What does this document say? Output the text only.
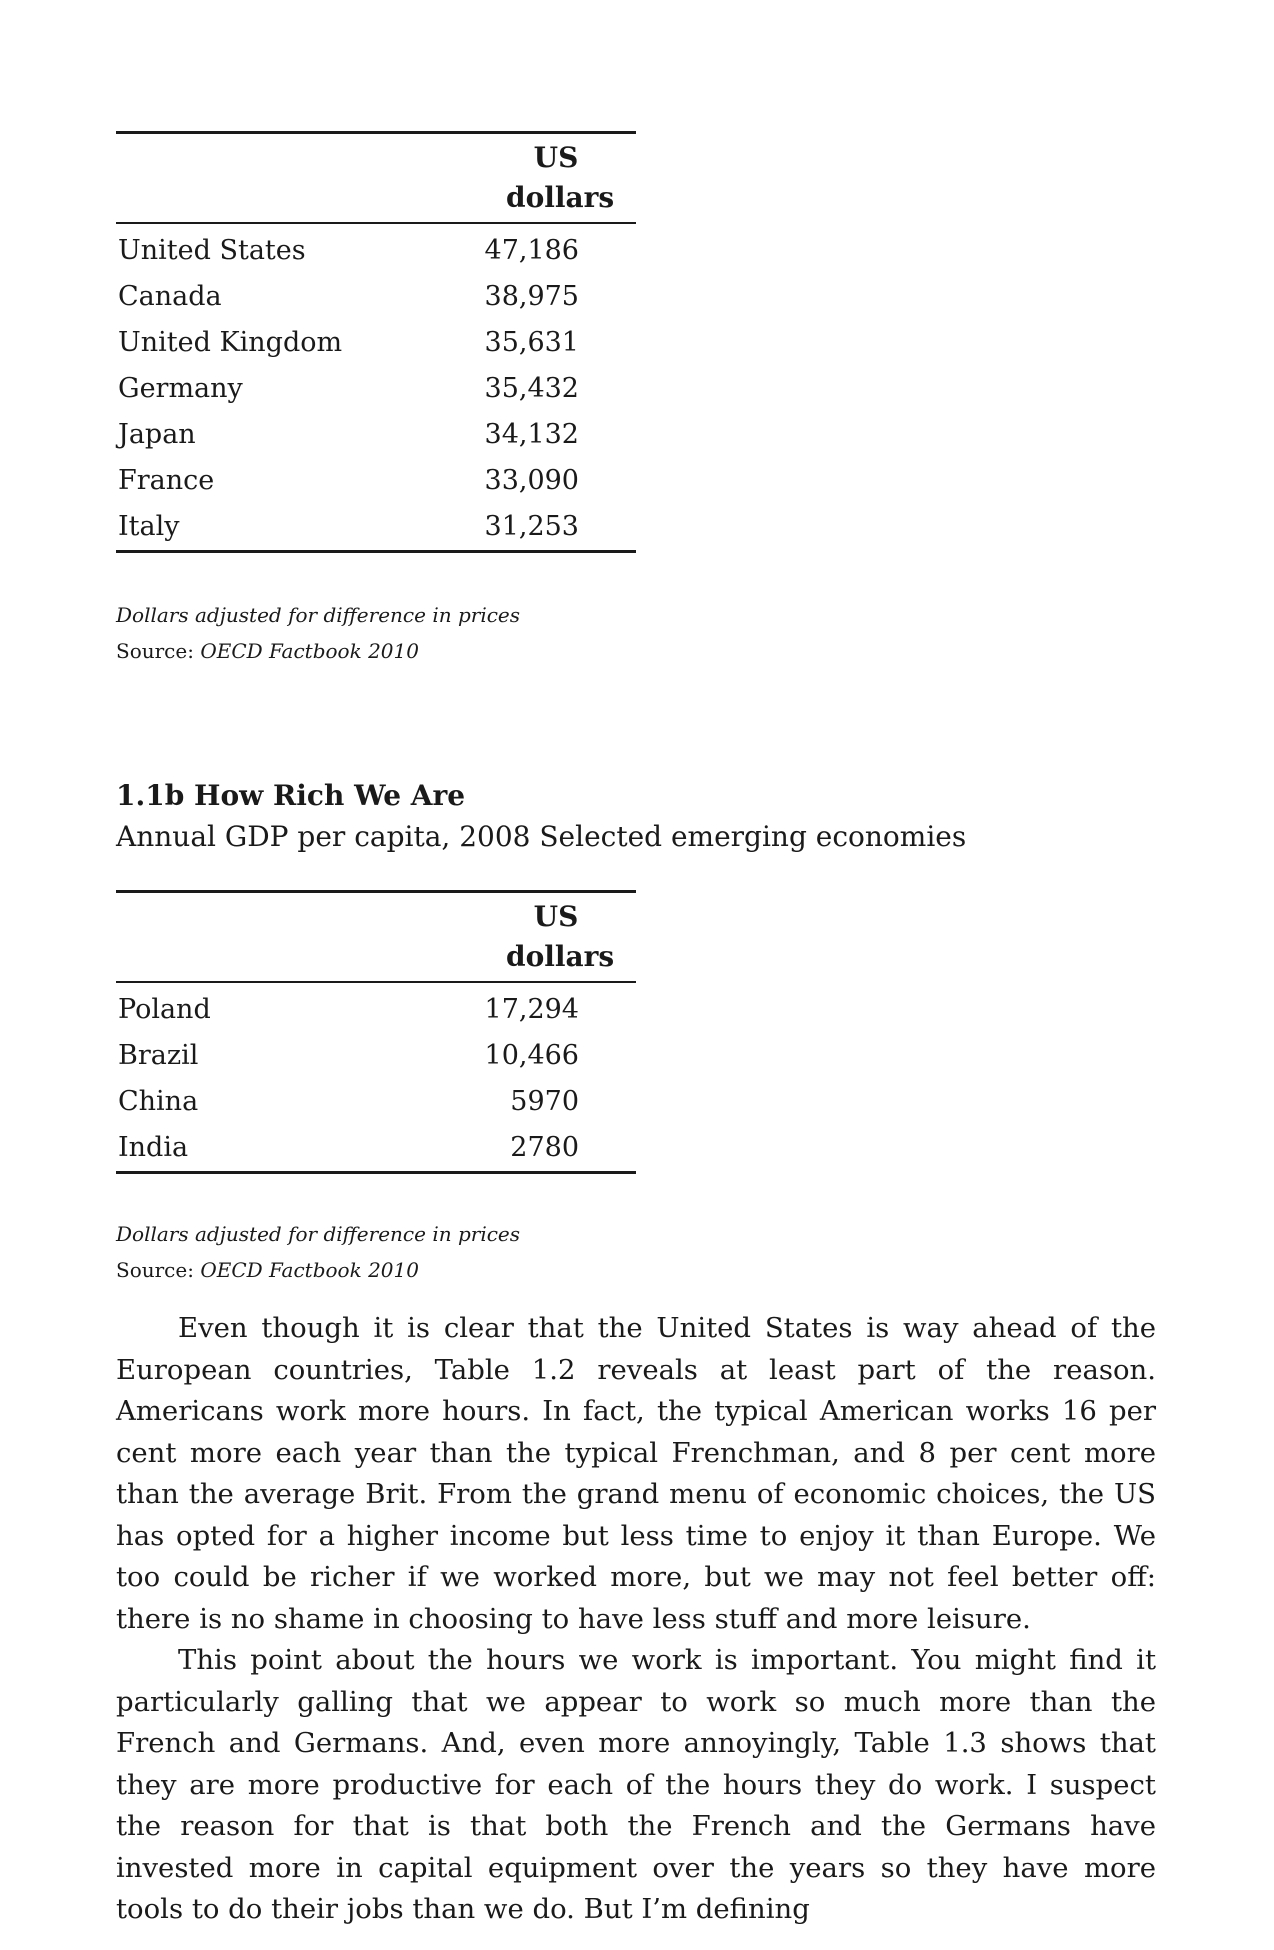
US
dollars
United States	47,186
Canada	38,975
United Kingdom	35,631
Germany	35,432
Japan	34,132
France	33,090
Italy	31,253
Dollars adjusted for difference in prices
Source: OECD Factbook 2010
1.1b How Rich We Are
Annual GDP per capita, 2008 Selected emerging economies
US
dollars
Poland	17,294
Brazil	10,466
China	5970
India	2780
Dollars adjusted for difference in prices
Source: OECD Factbook 2010

Even though it is clear that the United States is way ahead of the European countries, Table 1.2 reveals at least part of the reason. Americans work more hours. In fact, the typical American works 16 per cent more each year than the typical Frenchman, and 8 per cent more than the average Brit. From the grand menu of economic choices, the US has opted for a higher income but less time to enjoy it than Europe. We too could be richer if we worked more, but we may not feel better off: there is no shame in choosing to have less stuff and more leisure.

This point about the hours we work is important. You might find it particularly galling that we appear to work so much more than the French and Germans. And, even more annoyingly, Table 1.3 shows that they are more productive for each of the hours they do work. I suspect the reason for that is that both the French and the Germans have invested more in capital equipment over the years so they have more tools to do their jobs than we do. But I’m defining
